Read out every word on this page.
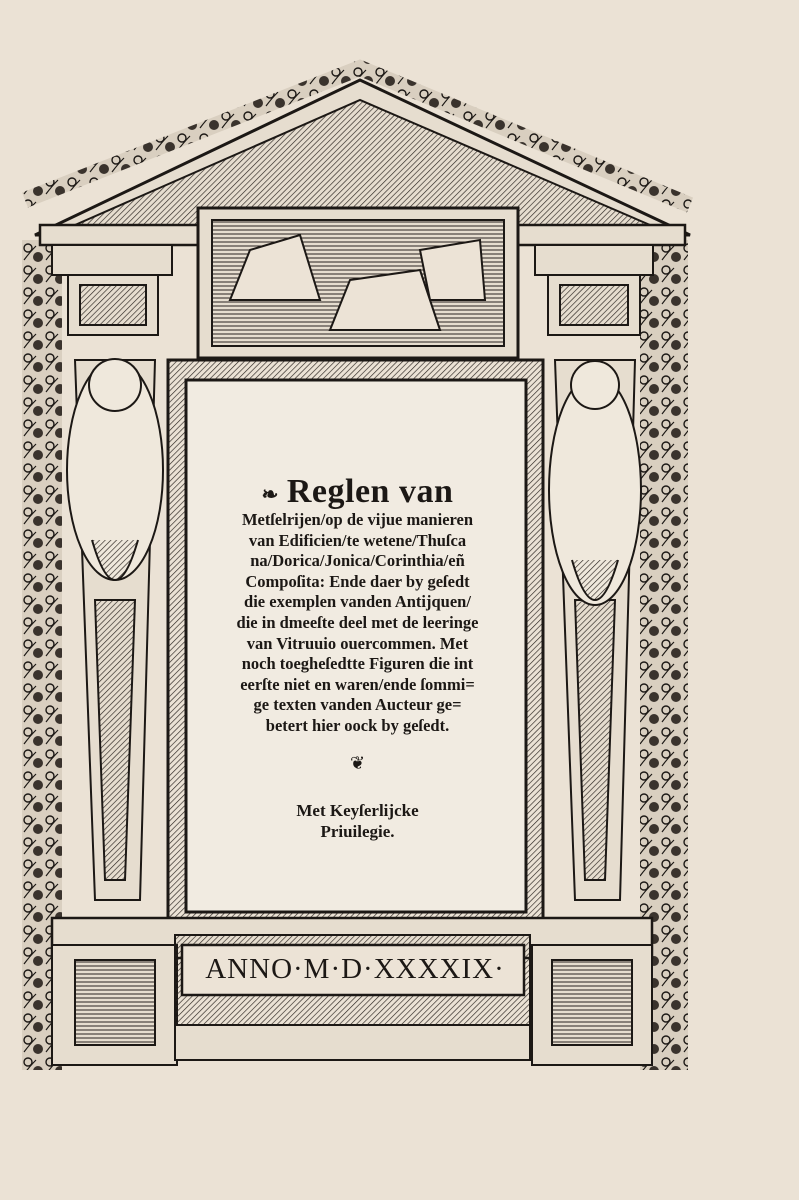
❧ Reglen van
Metſelrijen/op de vijue manieren
van Edificien/te wetene/Thuſca
na/Dorica/Jonica/Corinthia/eñ
Compoſita: Ende daer by geſedt
die exemplen vanden Antijquen/
die in dmeeſte deel met de leeringe
van Vitruuio ouercommen. Met
noch toegheſedtte Figuren die int
eerſte niet en waren/ende ſommi=
ge texten vanden Aucteur ge=
betert hier oock by geſedt.
❦
Met Keyſerlijcke
Priuilegie.
ANNO·M·D·XXXXIX·
